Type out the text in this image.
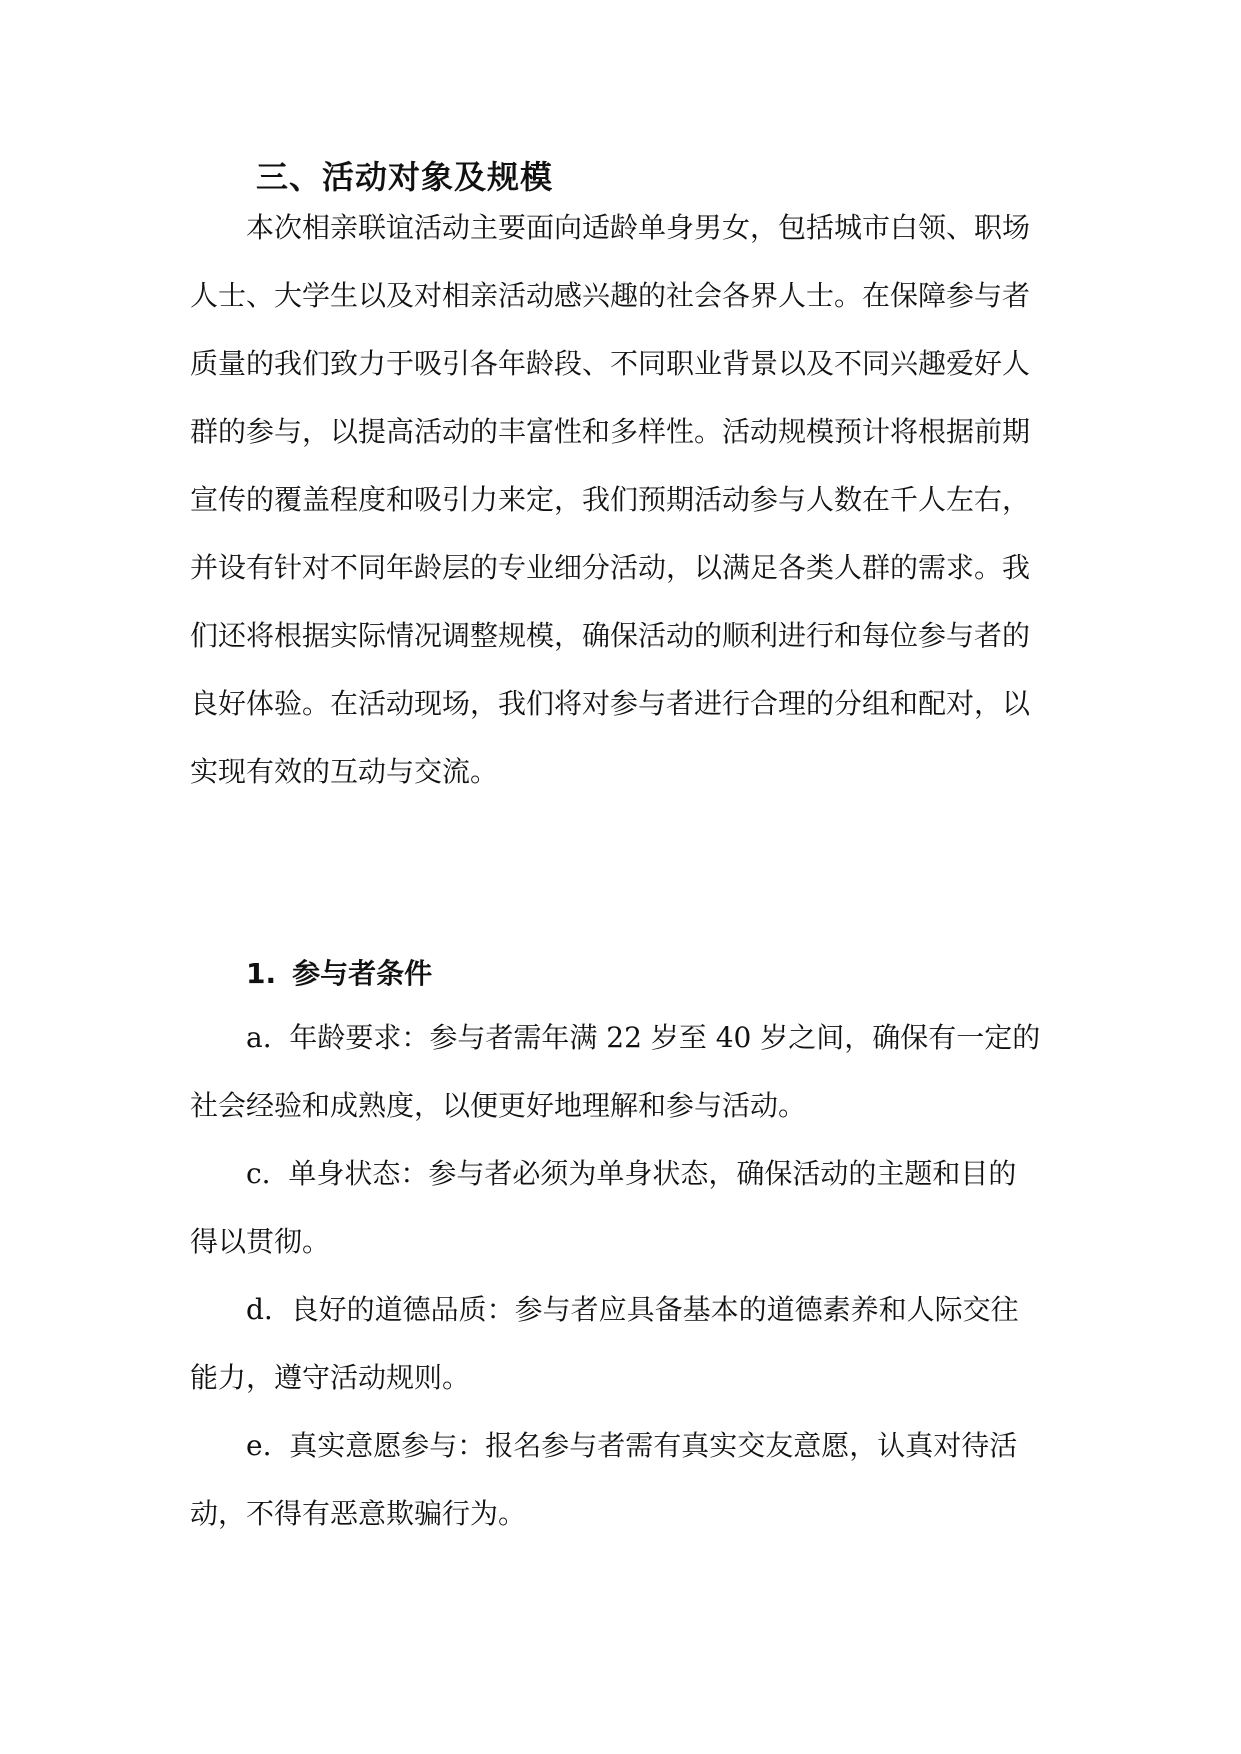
三、活动对象及规模
本次相亲联谊活动主要面向适龄单身男女，包括城市白领、职场
人士、大学生以及对相亲活动感兴趣的社会各界人士。在保障参与者
质量的我们致力于吸引各年龄段、不同职业背景以及不同兴趣爱好人
群的参与，以提高活动的丰富性和多样性。活动规模预计将根据前期
宣传的覆盖程度和吸引力来定，我们预期活动参与人数在千人左右，
并设有针对不同年龄层的专业细分活动，以满足各类人群的需求。我
们还将根据实际情况调整规模，确保活动的顺利进行和每位参与者的
良好体验。在活动现场，我们将对参与者进行合理的分组和配对，以
实现有效的互动与交流。
1. 参与者条件
a. 年龄要求：参与者需年满 22 岁至 40 岁之间，确保有一定的
社会经验和成熟度，以便更好地理解和参与活动。
c. 单身状态：参与者必须为单身状态，确保活动的主题和目的
得以贯彻。
d. 良好的道德品质：参与者应具备基本的道德素养和人际交往
能力，遵守活动规则。
e. 真实意愿参与：报名参与者需有真实交友意愿，认真对待活
动，不得有恶意欺骗行为。
